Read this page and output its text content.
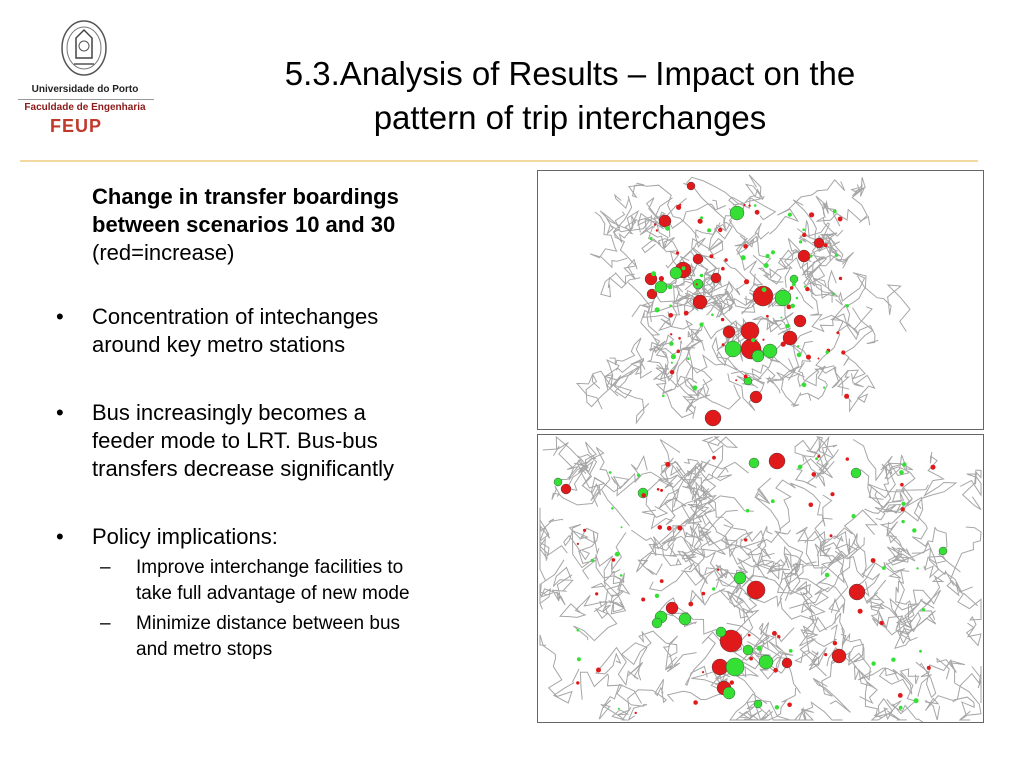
Universidade do Porto
Faculdade de Engenharia
FEUP
5.3.Analysis of Results – Impact on the
pattern of trip interchanges
Change in transfer boardings
between scenarios 10 and 30
(red=increase)
• Concentration of intechanges
around key metro stations
• Bus increasingly becomes a
feeder mode to LRT. Bus-bus
transfers decrease significantly
• Policy implications:
– Improve interchange facilities to
take full advantage of new mode
– Minimize distance between bus
and metro stops
